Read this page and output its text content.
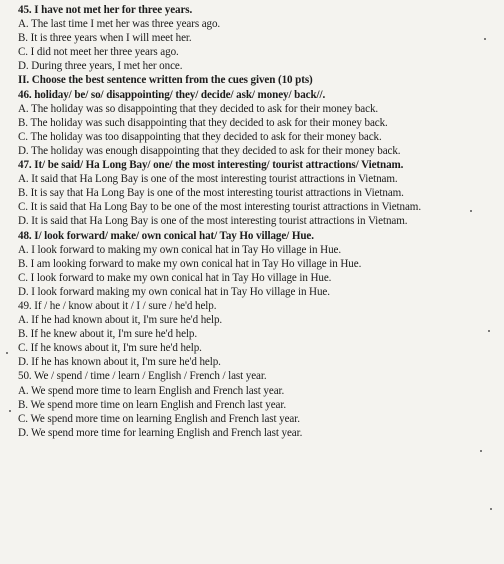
45. I have not met her for three years.
A. The last time I met her was three years ago.
B. It is three years when I will meet her.
C. I did not meet her three years ago.
D. During three years, I met her once.
II. Choose the best sentence written from the cues given (10 pts)
46. holiday/ be/ so/ disappointing/ they/ decide/ ask/ money/ back//.
A. The holiday was so disappointing that they decided to ask for their money back.
B. The holiday was such disappointing that they decided to ask for their money back.
C. The holiday was too disappointing that they decided to ask for their money back.
D. The holiday was enough disappointing that they decided to ask for their money back.
47. It/ be said/ Ha Long Bay/ one/ the most interesting/ tourist attractions/ Vietnam.
A. It said that Ha Long Bay is one of the most interesting tourist attractions in Vietnam.
B. It is say that Ha Long Bay is one of the most interesting tourist attractions in Vietnam.
C. It is said that Ha Long Bay to be one of the most interesting tourist attractions in Vietnam.
D. It is said that Ha Long Bay is one of the most interesting tourist attractions in Vietnam.
48. I/ look forward/ make/ own conical hat/ Tay Ho village/ Hue.
A. I look forward to making my own conical hat in Tay Ho village in Hue.
B. I am looking forward to make my own conical hat in Tay Ho village in Hue.
C. I look forward to make my own conical hat in Tay Ho village in Hue.
D. I look forward making my own conical hat in Tay Ho village in Hue.
49. If / he / know about it / I / sure / he'd help.
A. If he had known about it, I'm sure he'd help.
B. If he knew about it, I'm sure he'd help.
C. If he knows about it, I'm sure he'd help.
D. If he has known about it, I'm sure he'd help.
50. We / spend / time / learn / English / French / last year.
A. We spend more time to learn English and French last year.
B. We spend more time on learn English and French last year.
C. We spend more time on learning English and French last year.
D. We spend more time for learning English and French last year.
